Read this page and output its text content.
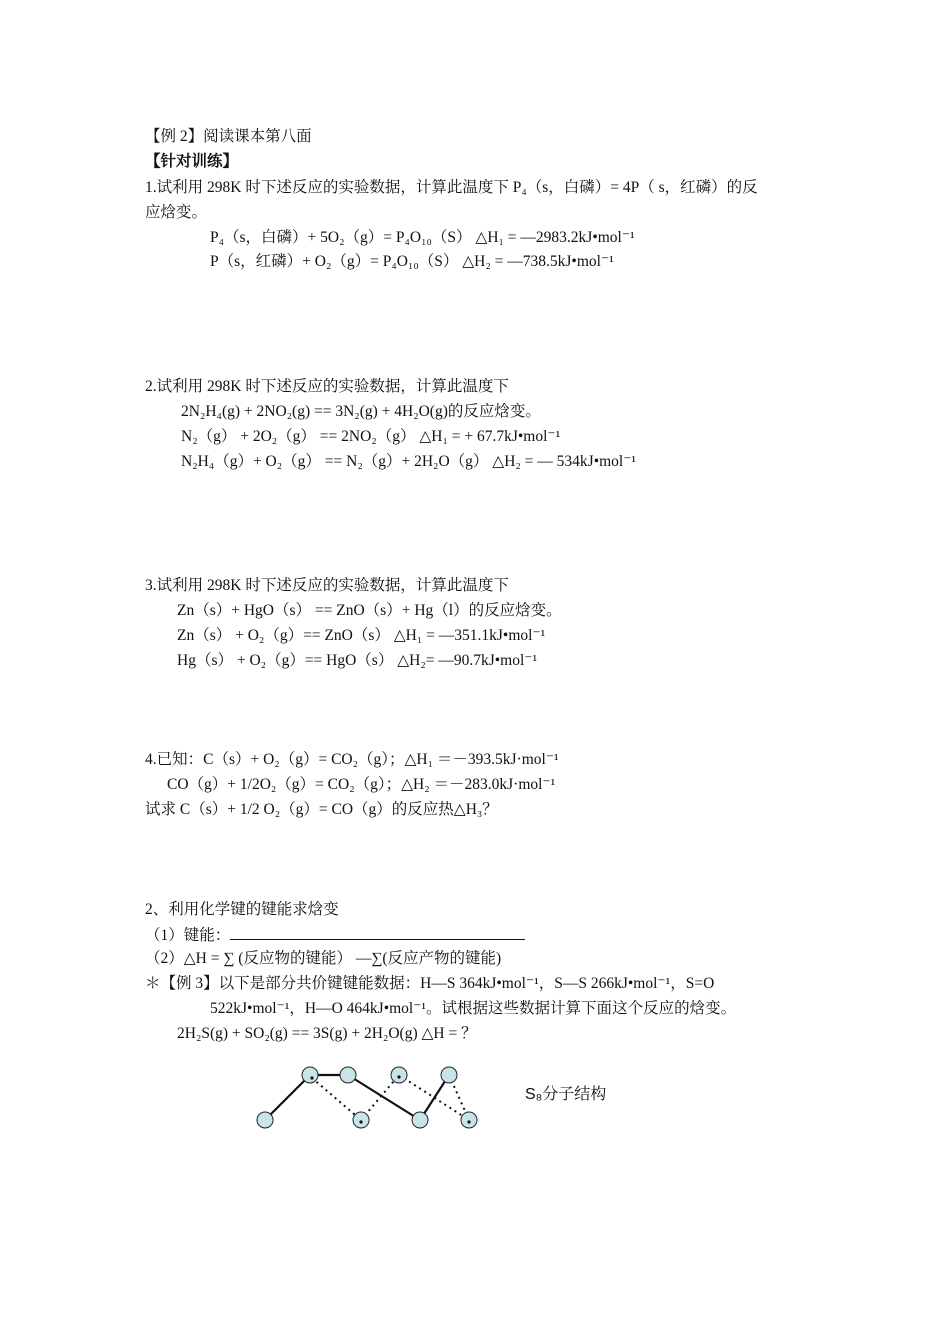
【例 2】阅读课本第八面
【针对训练】
1.试利用 298K 时下述反应的实验数据，计算此温度下 P₄（s，白磷）= 4P（ s，红磷）的反
应焓变。
P₄（s，白磷）+ 5O₂（g）= P₄O₁₀（S） △H₁ = —2983.2kJ•mol⁻¹
P（s，红磷）+ O₂（g）= P₄O₁₀（S） △H₂ = —738.5kJ•mol⁻¹
2.试利用 298K 时下述反应的实验数据，计算此温度下
2N₂H₄(g) + 2NO₂(g) == 3N₂(g) + 4H₂O(g)的反应焓变。
N₂（g） + 2O₂（g） == 2NO₂（g） △H₁ = + 67.7kJ•mol⁻¹
N₂H₄（g）+ O₂（g） == N₂（g）+ 2H₂O（g） △H₂ = — 534kJ•mol⁻¹
3.试利用 298K 时下述反应的实验数据，计算此温度下
Zn（s）+ HgO（s） == ZnO（s）+ Hg（l）的反应焓变。
Zn（s） + O₂（g）== ZnO（s） △H₁ = —351.1kJ•mol⁻¹
Hg（s） + O₂（g）== HgO（s） △H₂= —90.7kJ•mol⁻¹
4.已知：C（s）+ O₂（g）= CO₂（g）；△H₁ ＝－393.5kJ·mol⁻¹
CO（g）+ 1/2O₂（g）= CO₂（g）；△H₂ ＝－283.0kJ·mol⁻¹
试求 C（s）+ 1/2 O₂（g）= CO（g）的反应热△H₃？
2、利用化学键的键能求焓变
（1）键能：
（2）△H = ∑ (反应物的键能） —∑(反应产物的键能)
＊【例 3】以下是部分共价键键能数据：H—S 364kJ•mol⁻¹，S—S 266kJ•mol⁻¹，S=O
522kJ•mol⁻¹，H—O 464kJ•mol⁻¹。试根据这些数据计算下面这个反应的焓变。
2H₂S(g) + SO₂(g) == 3S(g) + 2H₂O(g) △H = ？
S₈分子结构
